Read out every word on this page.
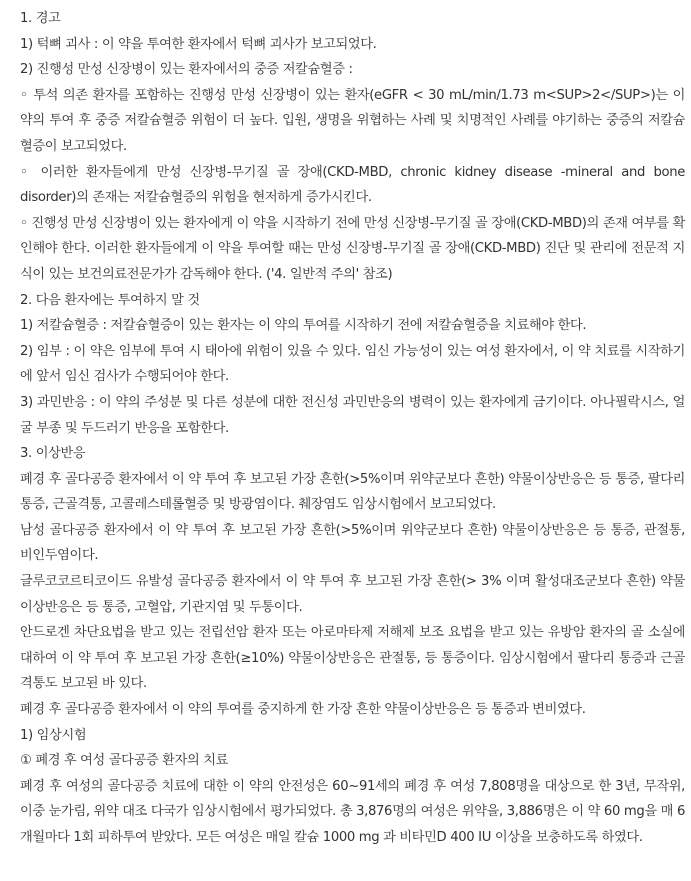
1. 경고

1) 턱뼈 괴사 : 이 약을 투여한 환자에서 턱뼈 괴사가 보고되었다.

2) 진행성 만성 신장병이 있는 환자에서의 중증 저칼슘혈증 :

◦ 투석 의존 환자를 포함하는 진행성 만성 신장병이 있는 환자(eGFR < 30 mL/min/1.73 m<SUP>2</SUP>)는 이 약의 투여 후 중증 저칼슘혈증 위험이 더 높다. 입원, 생명을 위협하는 사례 및 치명적인 사례를 야기하는 중증의 저칼슘혈증이 보고되었다.

◦ 이러한 환자들에게 만성 신장병-무기질 골 장애(CKD-MBD, chronic kidney disease -mineral and bone disorder)의 존재는 저칼슘혈증의 위험을 현저하게 증가시킨다.

◦ 진행성 만성 신장병이 있는 환자에게 이 약을 시작하기 전에 만성 신장병-무기질 골 장애(CKD-MBD)의 존재 여부를 확인해야 한다. 이러한 환자들에게 이 약을 투여할 때는 만성 신장병-무기질 골 장애(CKD-MBD) 진단 및 관리에 전문적 지식이 있는 보건의료전문가가 감독해야 한다. ('4. 일반적 주의' 참조)

2. 다음 환자에는 투여하지 말 것

1) 저칼슘혈증 : 저칼슘혈증이 있는 환자는 이 약의 투여를 시작하기 전에 저칼슘혈증을 치료해야 한다.

2) 임부 : 이 약은 임부에 투여 시 태아에 위험이 있을 수 있다. 임신 가능성이 있는 여성 환자에서, 이 약 치료를 시작하기에 앞서 임신 검사가 수행되어야 한다.

3) 과민반응 : 이 약의 주성분 및 다른 성분에 대한 전신성 과민반응의 병력이 있는 환자에게 금기이다. 아나필락시스, 얼굴 부종 및 두드러기 반응을 포함한다.

3. 이상반응

폐경 후 골다공증 환자에서 이 약 투여 후 보고된 가장 흔한(>5%이며 위약군보다 흔한) 약물이상반응은 등 통증, 팔다리 통증, 근골격통, 고콜레스테롤혈증 및 방광염이다. 췌장염도 임상시험에서 보고되었다.

남성 골다공증 환자에서 이 약 투여 후 보고된 가장 흔한(>5%이며 위약군보다 흔한) 약물이상반응은 등 통증, 관절통, 비인두염이다.

글루코코르티코이드 유발성 골다공증 환자에서 이 약 투여 후 보고된 가장 흔한(> 3% 이며 활성대조군보다 흔한) 약물이상반응은 등 통증, 고혈압, 기관지염 및 두통이다.

안드로겐 차단요법을 받고 있는 전립선암 환자 또는 아로마타제 저해제 보조 요법을 받고 있는 유방암 환자의 골 소실에 대하여 이 약 투여 후 보고된 가장 흔한(≥10%) 약물이상반응은 관절통, 등 통증이다. 임상시험에서 팔다리 통증과 근골격통도 보고된 바 있다.

폐경 후 골다공증 환자에서 이 약의 투여를 중지하게 한 가장 흔한 약물이상반응은 등 통증과 변비였다.

1) 임상시험

① 폐경 후 여성 골다공증 환자의 치료

폐경 후 여성의 골다공증 치료에 대한 이 약의 안전성은 60~91세의 폐경 후 여성 7,808명을 대상으로 한 3년, 무작위, 이중 눈가림, 위약 대조 다국가 임상시험에서 평가되었다. 총 3,876명의 여성은 위약을, 3,886명은 이 약 60 mg을 매 6개월마다 1회 피하투여 받았다. 모든 여성은 매일 칼슘 1000 mg 과 비타민D 400 IU 이상을 보충하도록 하였다.
